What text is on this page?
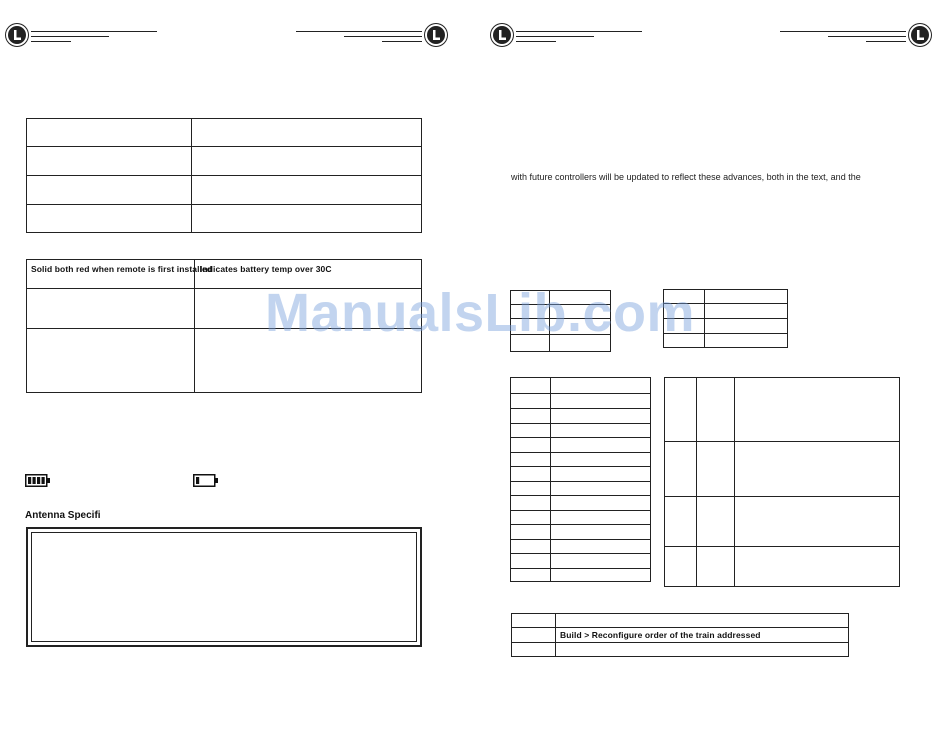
Solid both red when remote is first installed
Indicates battery temp over 30C
Antenna Specifi
with future controllers will be updated to reflect these advances, both in the text, and the
Build > Reconfigure order of the train addressed
ManualsLib.com
